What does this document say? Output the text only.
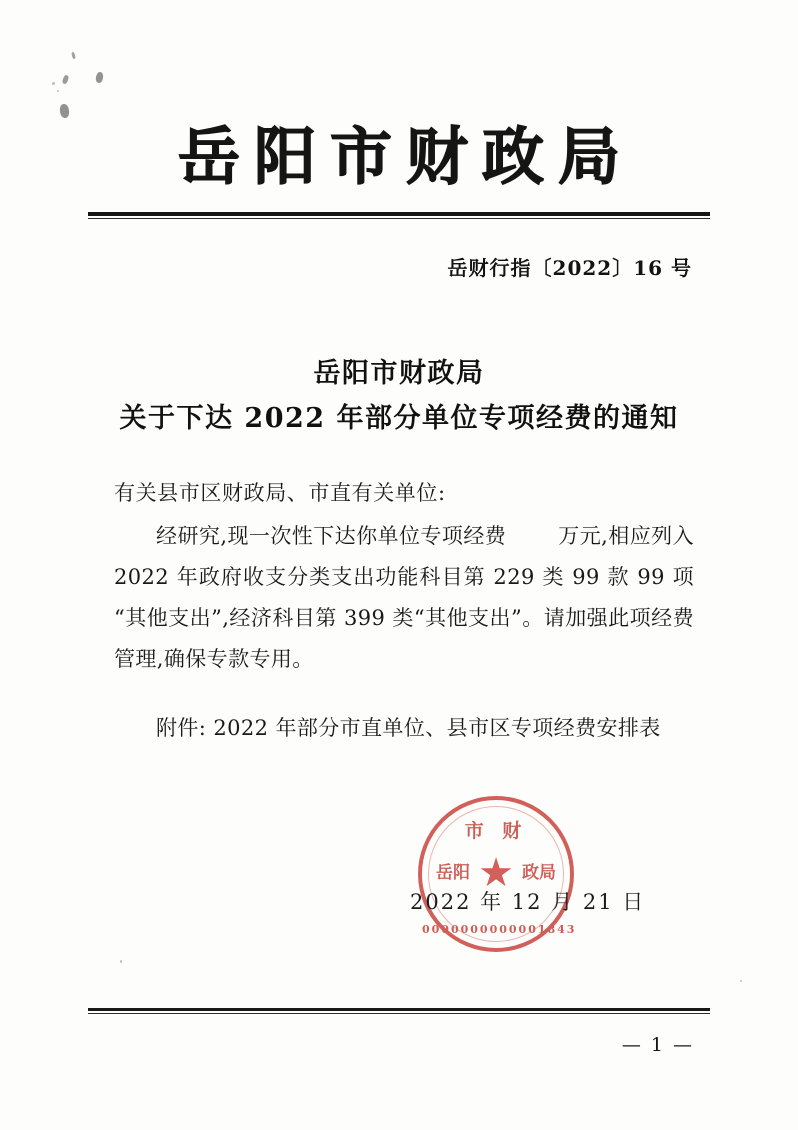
岳阳市财政局
岳财行指〔2022〕16 号
岳阳市财政局
关于下达 2022 年部分单位专项经费的通知
有关县市区财政局、市直有关单位:
经研究,现一次性下达你单位专项经费 万元,相应列入 2022 年政府收支分类支出功能科目第 229 类 99 款 99 项“其他支出”,经济科目第 399 类“其他支出”。请加强此项经费管理,确保专款专用。
附件: 2022 年部分市直单位、县市区专项经费安排表
市 财
岳阳	政局
★
0000000000001843
2022 年 12 月 21 日
— 1 —
